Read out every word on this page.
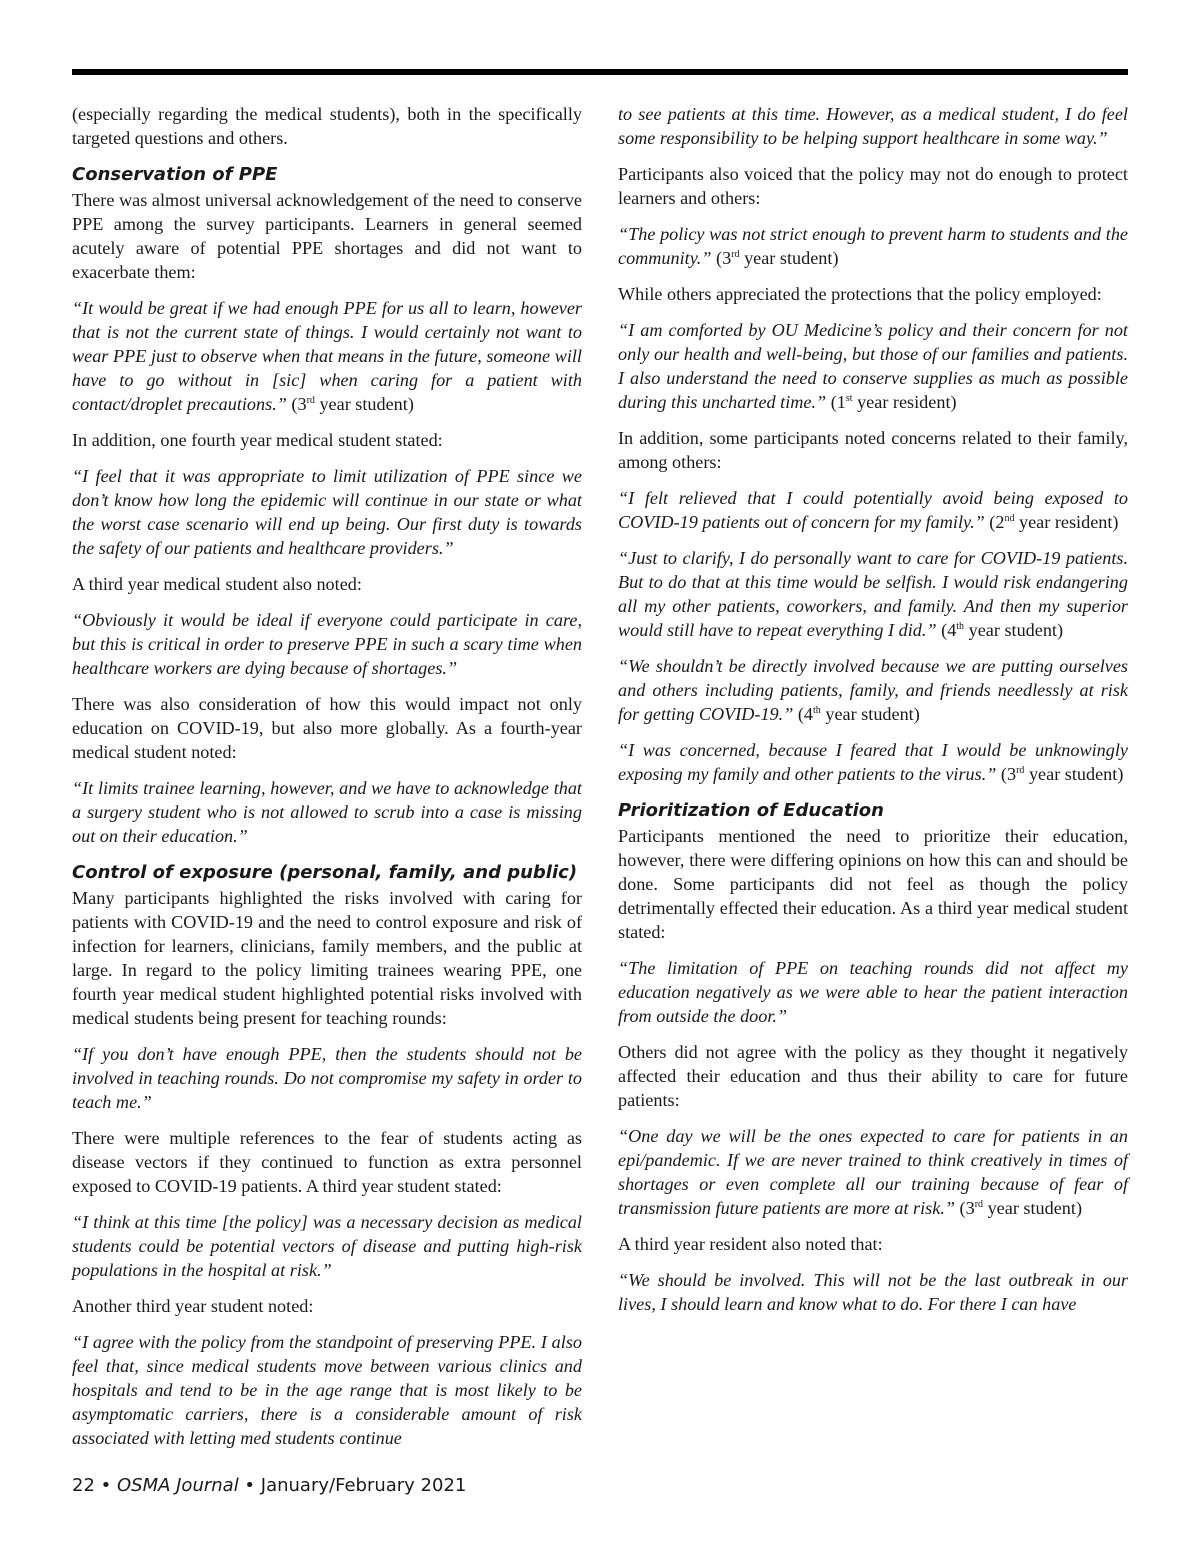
(especially regarding the medical students), both in the specifically targeted questions and others.

Conservation of PPE

There was almost universal acknowledgement of the need to conserve PPE among the survey participants. Learners in general seemed acutely aware of potential PPE shortages and did not want to exacerbate them:

“It would be great if we had enough PPE for us all to learn, however that is not the current state of things. I would certainly not want to wear PPE just to observe when that means in the future, someone will have to go without in [sic] when caring for a patient with contact/droplet precautions.” (3rd year student)

In addition, one fourth year medical student stated:

“I feel that it was appropriate to limit utilization of PPE since we don’t know how long the epidemic will continue in our state or what the worst case scenario will end up being. Our first duty is towards the safety of our patients and healthcare providers.”

A third year medical student also noted:

“Obviously it would be ideal if everyone could participate in care, but this is critical in order to preserve PPE in such a scary time when healthcare workers are dying because of shortages.”

There was also consideration of how this would impact not only education on COVID-19, but also more globally. As a fourth-year medical student noted:

“It limits trainee learning, however, and we have to acknowledge that a surgery student who is not allowed to scrub into a case is missing out on their education.”

Control of exposure (personal, family, and public)

Many participants highlighted the risks involved with caring for patients with COVID-19 and the need to control exposure and risk of infection for learners, clinicians, family members, and the public at large. In regard to the policy limiting trainees wearing PPE, one fourth year medical student highlighted potential risks involved with medical students being present for teaching rounds:

“If you don’t have enough PPE, then the students should not be involved in teaching rounds. Do not compromise my safety in order to teach me.”

There were multiple references to the fear of students acting as disease vectors if they continued to function as extra personnel exposed to COVID-19 patients. A third year student stated:

“I think at this time [the policy] was a necessary decision as medical students could be potential vectors of disease and putting high-risk populations in the hospital at risk.”

Another third year student noted:

“I agree with the policy from the standpoint of preserving PPE. I also feel that, since medical students move between various clinics and hospitals and tend to be in the age range that is most likely to be asymptomatic carriers, there is a considerable amount of risk associated with letting med students continue

to see patients at this time. However, as a medical student, I do feel some responsibility to be helping support healthcare in some way.”

Participants also voiced that the policy may not do enough to protect learners and others:

“The policy was not strict enough to prevent harm to students and the community.” (3rd year student)

While others appreciated the protections that the policy employed:

“I am comforted by OU Medicine’s policy and their concern for not only our health and well-being, but those of our families and patients. I also understand the need to conserve supplies as much as possible during this uncharted time.” (1st year resident)

In addition, some participants noted concerns related to their family, among others:

“I felt relieved that I could potentially avoid being exposed to COVID-19 patients out of concern for my family.” (2nd year resident)

“Just to clarify, I do personally want to care for COVID-19 patients. But to do that at this time would be selfish. I would risk endangering all my other patients, coworkers, and family. And then my superior would still have to repeat everything I did.” (4th year student)

“We shouldn’t be directly involved because we are putting ourselves and others including patients, family, and friends needlessly at risk for getting COVID-19.” (4th year student)

“I was concerned, because I feared that I would be unknowingly exposing my family and other patients to the virus.” (3rd year student)

Prioritization of Education

Participants mentioned the need to prioritize their education, however, there were differing opinions on how this can and should be done. Some participants did not feel as though the policy detrimentally effected their education. As a third year medical student stated:

“The limitation of PPE on teaching rounds did not affect my education negatively as we were able to hear the patient interaction from outside the door.”

Others did not agree with the policy as they thought it negatively affected their education and thus their ability to care for future patients:

“One day we will be the ones expected to care for patients in an epi/pandemic. If we are never trained to think creatively in times of shortages or even complete all our training because of fear of transmission future patients are more at risk.” (3rd year student)

A third year resident also noted that:

“We should be involved. This will not be the last outbreak in our lives, I should learn and know what to do. For there I can have

22 • OSMA Journal • January/February 2021
